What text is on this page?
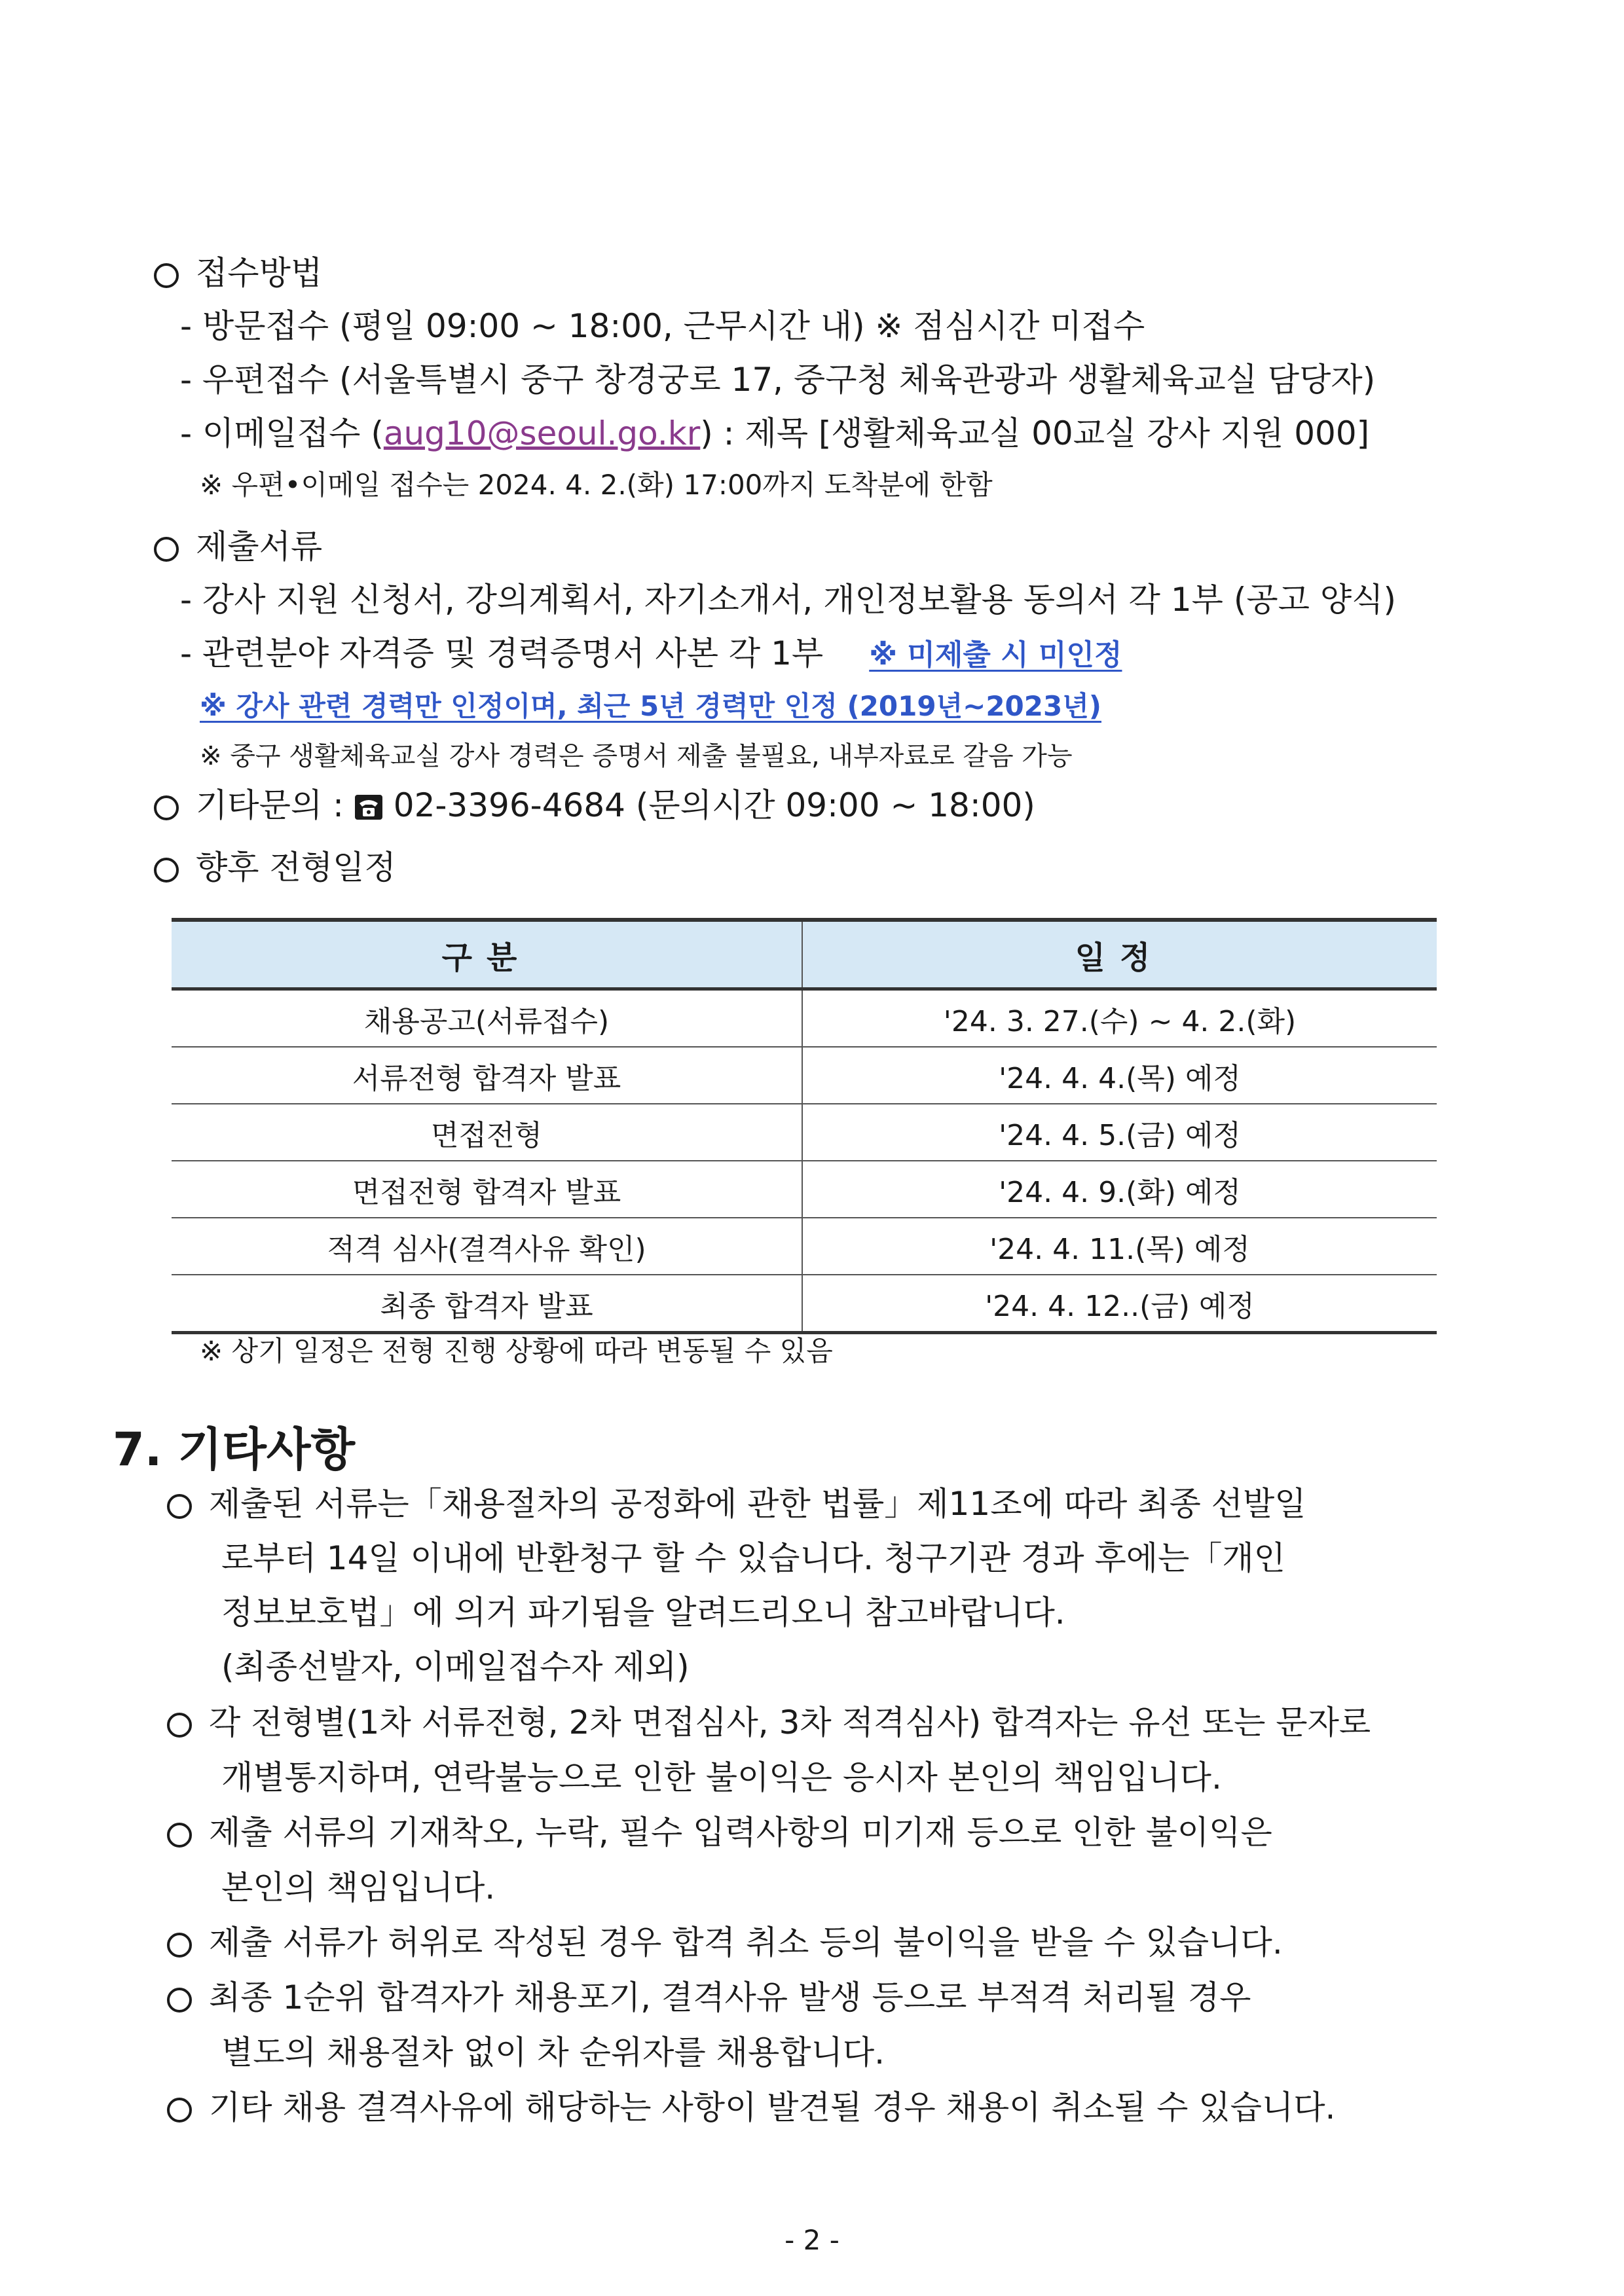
접수방법
- 방문접수 (평일 09:00 ~ 18:00, 근무시간 내) ※ 점심시간 미접수
- 우편접수 (서울특별시 중구 창경궁로 17, 중구청 체육관광과 생활체육교실 담당자)
- 이메일접수 (aug10@seoul.go.kr) : 제목 [생활체육교실 00교실 강사 지원 000]
※ 우편•이메일 접수는 2024. 4. 2.(화) 17:00까지 도착분에 한함
제출서류
- 강사 지원 신청서, 강의계획서, 자기소개서, 개인정보활용 동의서 각 1부 (공고 양식)
- 관련분야 자격증 및 경력증명서 사본 각 1부 ※ 미제출 시 미인정
※ 강사 관련 경력만 인정이며, 최근 5년 경력만 인정 (2019년~2023년)
※ 중구 생활체육교실 강사 경력은 증명서 제출 불필요, 내부자료로 갈음 가능
기타문의 : 02-3396-4684 (문의시간 09:00 ~ 18:00)
향후 전형일정
구분	일정
채용공고(서류접수)	'24. 3. 27.(수) ~ 4. 2.(화)
서류전형 합격자 발표	'24. 4. 4.(목) 예정
면접전형	'24. 4. 5.(금) 예정
면접전형 합격자 발표	'24. 4. 9.(화) 예정
적격 심사(결격사유 확인)	'24. 4. 11.(목) 예정
최종 합격자 발표	'24. 4. 12..(금) 예정
※ 상기 일정은 전형 진행 상황에 따라 변동될 수 있음
7. 기타사항
제출된 서류는「채용절차의 공정화에 관한 법률」제11조에 따라 최종 선발일
로부터 14일 이내에 반환청구 할 수 있습니다. 청구기관 경과 후에는「개인
정보보호법」에 의거 파기됨을 알려드리오니 참고바랍니다.
(최종선발자, 이메일접수자 제외)
각 전형별(1차 서류전형, 2차 면접심사, 3차 적격심사) 합격자는 유선 또는 문자로
개별통지하며, 연락불능으로 인한 불이익은 응시자 본인의 책임입니다.
제출 서류의 기재착오, 누락, 필수 입력사항의 미기재 등으로 인한 불이익은
본인의 책임입니다.
제출 서류가 허위로 작성된 경우 합격 취소 등의 불이익을 받을 수 있습니다.
최종 1순위 합격자가 채용포기, 결격사유 발생 등으로 부적격 처리될 경우
별도의 채용절차 없이 차 순위자를 채용합니다.
기타 채용 결격사유에 해당하는 사항이 발견될 경우 채용이 취소될 수 있습니다.
- 2 -
